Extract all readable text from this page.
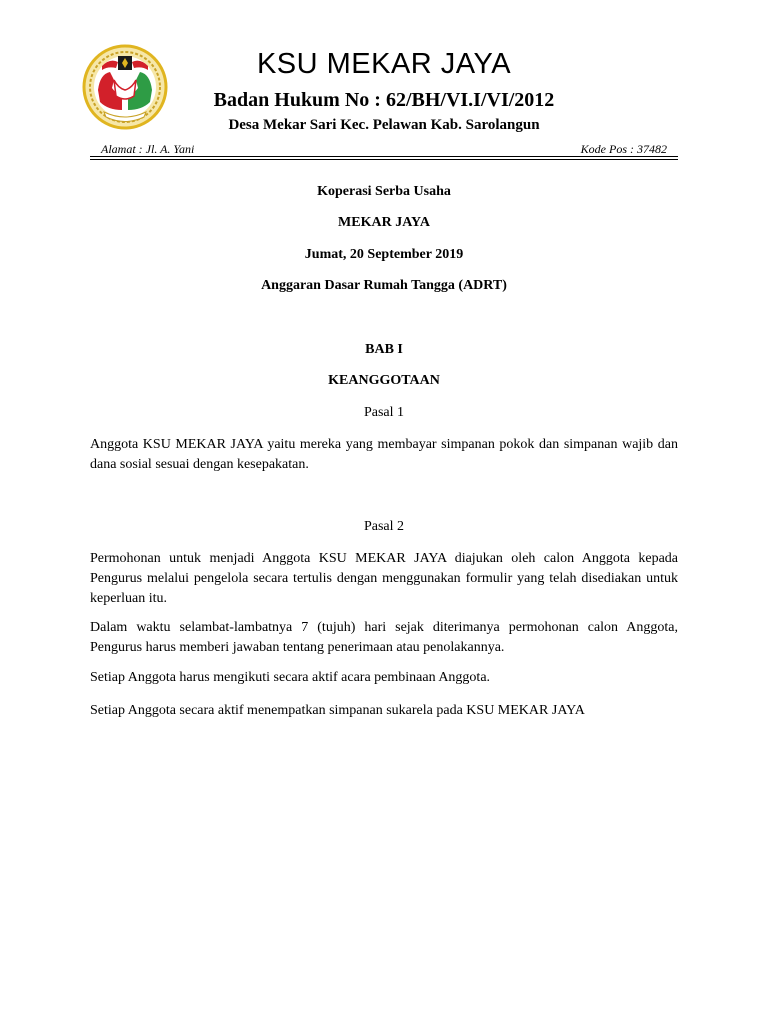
KSU MEKAR JAYA
Badan Hukum No : 62/BH/VI.I/VI/2012
Desa Mekar Sari Kec. Pelawan Kab. Sarolangun
Alamat : Jl. A. Yani	Kode Pos : 37482
Koperasi Serba Usaha
MEKAR JAYA
Jumat, 20 September 2019
Anggaran Dasar Rumah Tangga (ADRT)
BAB I
KEANGGOTAAN
Pasal 1

Anggota KSU MEKAR JAYA yaitu mereka yang membayar simpanan pokok dan simpanan wajib dan dana sosial sesuai dengan kesepakatan.

Pasal 2

Permohonan untuk menjadi Anggota KSU MEKAR JAYA diajukan oleh calon Anggota kepada Pengurus melalui pengelola secara tertulis dengan menggunakan formulir yang telah disediakan untuk keperluan itu.

Dalam waktu selambat-lambatnya 7 (tujuh) hari sejak diterimanya permohonan calon Anggota, Pengurus harus memberi jawaban tentang penerimaan atau penolakannya.

Setiap Anggota harus mengikuti secara aktif acara pembinaan Anggota.

Setiap Anggota secara aktif menempatkan simpanan sukarela pada KSU MEKAR JAYA
